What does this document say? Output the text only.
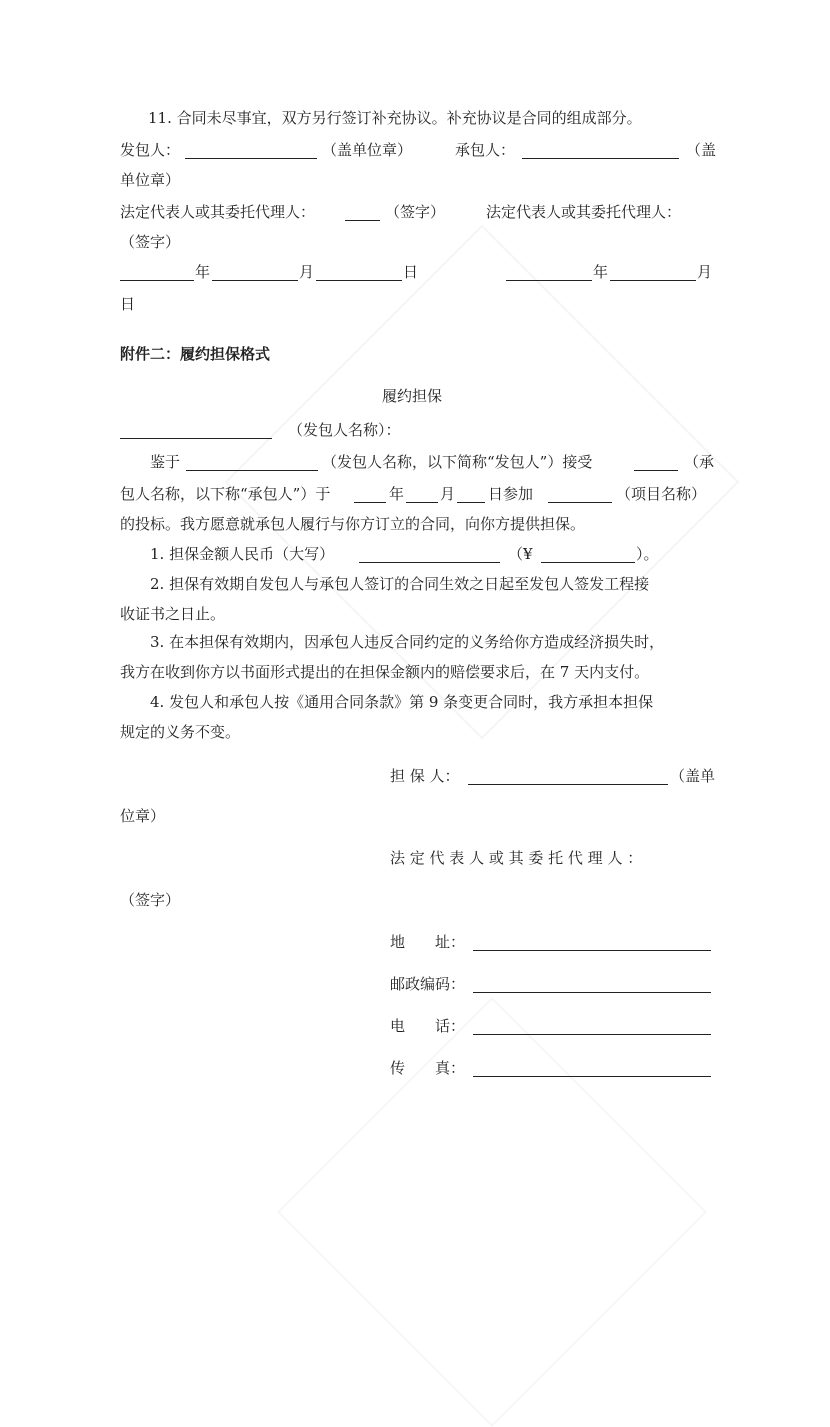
11. 合同未尽事宜，双方另行签订补充协议。补充协议是合同的组成部分。
发包人：	（盖单位章）	承包人：	（盖
单位章）
法定代表人或其委托代理人：	（签字）	法定代表人或其委托代理人：
（签字）
年	月	日	年	月
日
附件二：履约担保格式
履约担保
（发包人名称）：
鉴于	（发包人名称，以下简称“发包人”）接受	（承
包人名称，以下称“承包人”）于	年 月 日参加	（项目名称）
的投标。我方愿意就承包人履行与你方订立的合同，向你方提供担保。
1. 担保金额人民币（大写）	（¥	）。
2. 担保有效期自发包人与承包人签订的合同生效之日起至发包人签发工程接
收证书之日止。
3. 在本担保有效期内，因承包人违反合同约定的义务给你方造成经济损失时，
我方在收到你方以书面形式提出的在担保金额内的赔偿要求后，在 7 天内支付。
4. 发包人和承包人按《通用合同条款》第 9 条变更合同时，我方承担本担保
规定的义务不变。
担 保 人：	（盖单
位章）
法 定 代 表 人 或 其 委 托 代 理 人 ：
（签字）
地　　址：
邮政编码：
电　　话：
传　　真：
